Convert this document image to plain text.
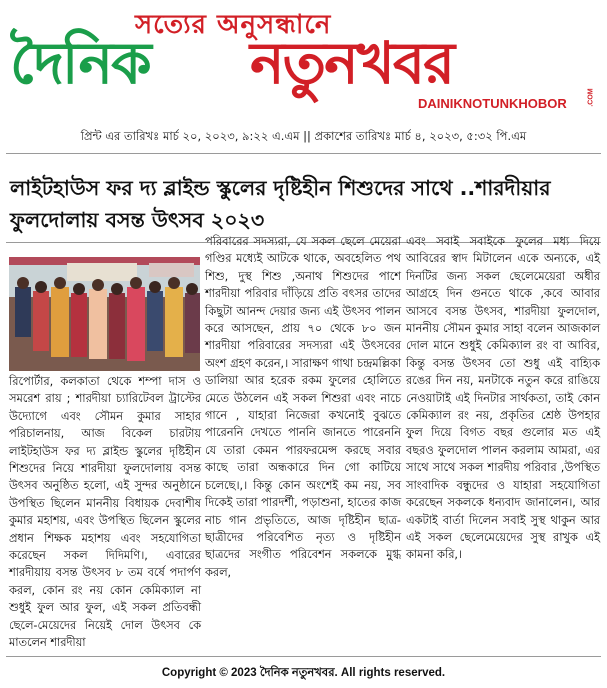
সত্যের অনুসন্ধানে
দৈনিক নতুনখবর
DAINIKNOTUNKHOBOR	.COM
প্রিন্ট এর তারিখঃ মার্চ ২০, ২০২৩, ৯:২২ এ.এম || প্রকাশের তারিখঃ মার্চ ৪, ২০২৩, ৫:৩২ পি.এম
লাইটহাউস ফর দ্য ব্লাইন্ড স্কুলের দৃষ্টিহীন শিশুদের সাথে ..শারদীয়ার ফুলদোলায় বসন্ত উৎসব ২০২৩

রিপোর্টার, কলকাতা থেকে শম্পা দাস ও সমরেশ রায় ; শারদীয়া চ্যারিটেবল ট্রাস্টের উদ্যোগে এবং সৌমন কুমার সাহার পরিচালনায়, আজ বিকেল চারটায় লাইটহাউস ফর দ্য ব্লাইন্ড স্কুলের দৃষ্টিহীন শিশুদের নিয়ে শারদীয়া ফুলদোলায় বসন্ত উৎসব অনুষ্ঠিত হলো, এই সুন্দর অনুষ্ঠানে উপস্থিত ছিলেন মাননীয় বিধায়ক দেবাশীষ কুমার মহাশয়, এবং উপস্থিত ছিলেন স্কুলের প্রধান শিক্ষক মহাশয় এবং সহযোগিতা করেছেন সকল দিদিমণি।, এবারের শারদীয়ায় বসন্ত উৎসব ৮ তম বর্ষে পদার্পণ করল, কোন রং নয় কোন কেমিক্যাল না শুধুই ফুল আর ফুল, এই সকল প্রতিবন্ধী ছেলে-মেয়েদের নিয়েই দোল উৎসব কে মাতলেন শারদীয়া

পরিবারের সদস্যরা, যে সকল ছেলে মেয়েরা গণ্ডির মধ্যেই আটকে থাকে, অবহেলিত পথ শিশু, দুস্থ শিশু ,অনাথ শিশুদের পাশে শারদীয়া পরিবার দাঁড়িয়ে প্রতি বৎসর তাদের কিছুটা আনন্দ দেয়ার জন্য এই উৎসব পালন করে আসছেন, প্রায় ৭০ থেকে ৮০ জন শারদীয়া পরিবারের সদস্যরা এই উৎসবের অংশ গ্রহণ করেন,। সারাক্ষণ গাথা চন্দ্রমল্লিকা ডালিয়া আর হরেক রকম ফুলের হোলিতে মেতে উঠলেন এই সকল শিশুরা এবং নাচে গানে , যাহারা নিজেরা কখনোই বুঝতে পারেননি দেখতে পাননি জানতে পারেননি যে তারা কেমন পারফরমেন্স করছে সবার কাছে তারা অন্ধকারে দিন গো কাটিয়ে চলেছে।,। কিন্তু কোন অংশেই কম নয়, সব দিকেই তারা পারদর্শী, পড়াশুনা, হাতের কাজ নাচ গান প্রভৃতিতে, আজ দৃষ্টিহীন ছাত্র-ছাত্রীদের পরিবেশিত নৃত্য ও দৃষ্টিহীন ছাত্রদের সংগীত পরিবেশন সকলকে মুগ্ধ করল,

এবং সবাই সবাইকে ফুলের মধ্য দিয়ে আবিরের স্বাদ মিটালেন একে অন্যকে, এই দিনটির জন্য সকল ছেলেমেয়েরা অধীর আগ্রহে দিন গুনতে থাকে ,কবে আবার আসবে বসন্ত উৎসব, শারদীয়া ফুলদোল, মাননীয় সৌমন কুমার সাহা বলেন আজকাল দোল মানে শুধুই কেমিক্যাল রং বা আবির, কিন্তু বসন্ত উৎসব তো শুধু এই বাহ্যিক রঙের দিন নয়, মনটাকে নতুন করে রাঙিয়ে নেওয়াটাই এই দিনটার সার্থকতা, তাই কোন কেমিক্যাল রং নয়, প্রকৃতির শ্রেষ্ঠ উপহার ফুল দিয়ে বিগত বছর গুলোর মত এই বছরও ফুলদোল পালন করলাম আমরা, এর সাথে সাথে সকল শারদীয় পরিবার ,উপস্থিত সাংবাদিক বন্ধুদের ও যাহারা সহযোগিতা করেছেন সকলকে ধন্যবাদ জানালেন।, আর একটাই বার্তা দিলেন সবাই সুস্থ থাকুন আর এই সকল ছেলেমেয়েদের সুস্থ রাখুক এই কামনা করি,।

Copyright © 2023 দৈনিক নতুনখবর. All rights reserved.
